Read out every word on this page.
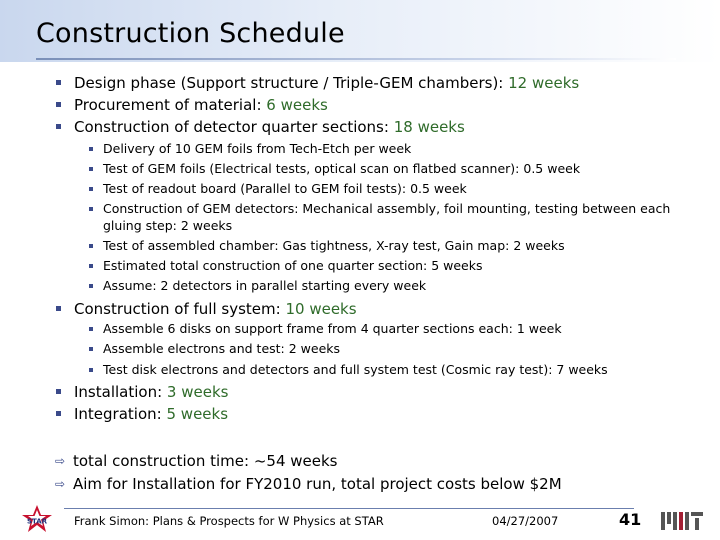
Construction Schedule
Design phase (Support structure / Triple-GEM chambers): 12 weeks
Procurement of material: 6 weeks
Construction of detector quarter sections: 18 weeks
Delivery of 10 GEM foils from Tech-Etch per week
Test of GEM foils (Electrical tests, optical scan on flatbed scanner): 0.5 week
Test of readout board (Parallel to GEM foil tests): 0.5 week
Construction of GEM detectors: Mechanical assembly, foil mounting, testing between each
gluing step: 2 weeks
Test of assembled chamber: Gas tightness, X-ray test, Gain map: 2 weeks
Estimated total construction of one quarter section: 5 weeks
Assume: 2 detectors in parallel starting every week
Construction of full system: 10 weeks
Assemble 6 disks on support frame from 4 quarter sections each: 1 week
Assemble electrons and test: 2 weeks
Test disk electrons and detectors and full system test (Cosmic ray test): 7 weeks
Installation: 3 weeks
Integration: 5 weeks
⇨ total construction time: ~54 weeks
⇨ Aim for Installation for FY2010 run, total project costs below $2M
STAR Frank Simon: Plans & Prospects for W Physics at STAR	04/27/2007	41
MIT
